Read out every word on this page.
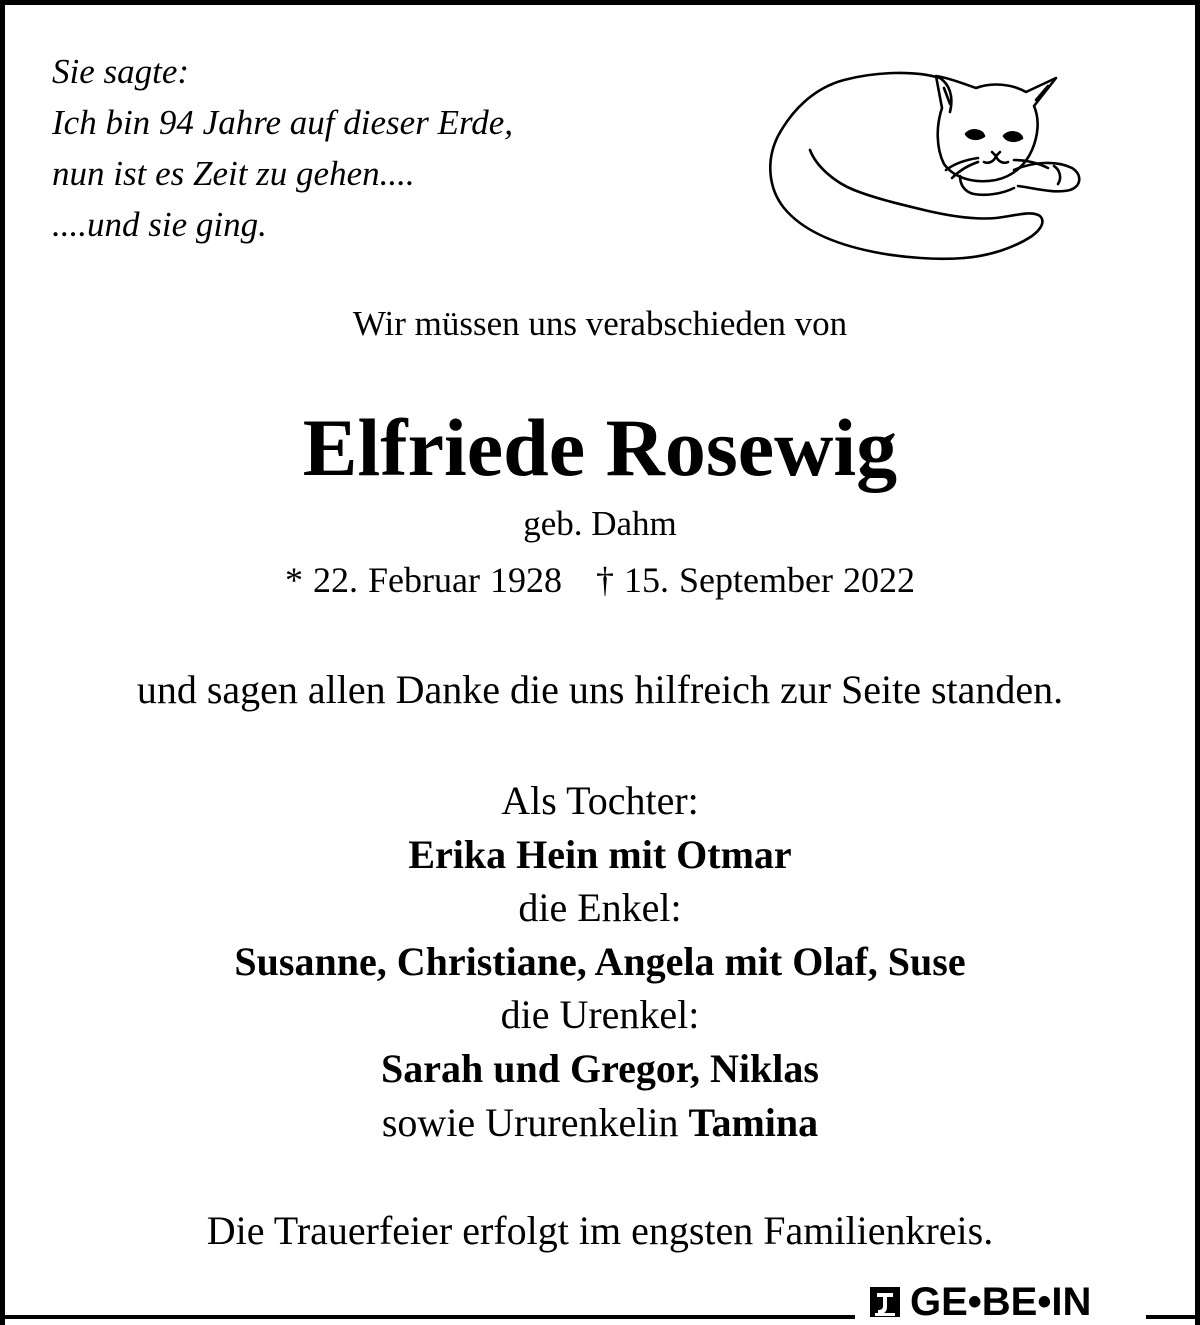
Sie sagte:
Ich bin 94 Jahre auf dieser Erde,
nun ist es Zeit zu gehen....
....und sie ging.
Wir müssen uns verabschieden von
Elfriede Rosewig
geb. Dahm
* 22. Februar 1928 † 15. September 2022
und sagen allen Danke die uns hilfreich zur Seite standen.
Als Tochter:
Erika Hein mit Otmar
die Enkel:
Susanne, Christiane, Angela mit Olaf, Suse
die Urenkel:
Sarah und Gregor, Niklas
sowie Ururenkelin Tamina
Die Trauerfeier erfolgt im engsten Familienkreis.
GE•BE•IN
